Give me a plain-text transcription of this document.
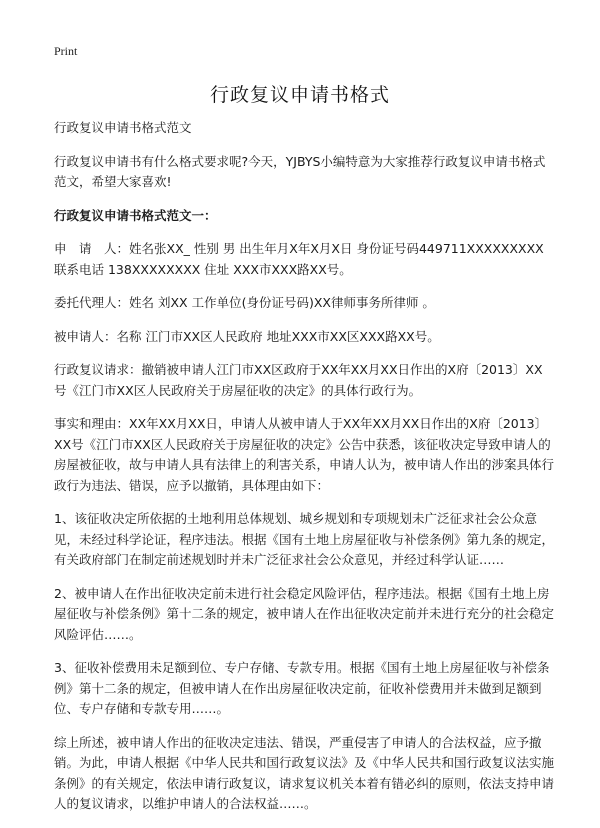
Print
行政复议申请书格式

行政复议申请书格式范文

行政复议申请书有什么格式要求呢?今天，YJBYS小编特意为大家推荐行政复议申请书格式范文，希望大家喜欢!

行政复议申请书格式范文一：

申　请　人：姓名张XX_ 性别 男 出生年月X年X月X日 身份证号码449711XXXXXXXXX 联系电话 138XXXXXXXX 住址 XXX市XXX路XX号。

委托代理人：姓名 刘XX 工作单位(身份证号码)XX律师事务所律师 。

被申请人：名称 江门市XX区人民政府 地址XXX市XX区XXX路XX号。

行政复议请求：撤销被申请人江门市XX区政府于XX年XX月XX日作出的X府〔2013〕XX号《江门市XX区人民政府关于房屋征收的决定》的具体行政行为。

事实和理由：XX年XX月XX日，申请人从被申请人于XX年XX月XX日作出的X府〔2013〕XX号《江门市XX区人民政府关于房屋征收的决定》公告中获悉，该征收决定导致申请人的房屋被征收，故与申请人具有法律上的利害关系，申请人认为，被申请人作出的涉案具体行政行为违法、错误，应予以撤销，具体理由如下：

1、该征收决定所依据的土地利用总体规划、城乡规划和专项规划未广泛征求社会公众意见，未经过科学论证，程序违法。根据《国有土地上房屋征收与补偿条例》第九条的规定，有关政府部门在制定前述规划时并未广泛征求社会公众意见，并经过科学认证……

2、被申请人在作出征收决定前未进行社会稳定风险评估，程序违法。根据《国有土地上房屋征收与补偿条例》第十二条的规定，被申请人在作出征收决定前并未进行充分的社会稳定风险评估……。

3、征收补偿费用未足额到位、专户存储、专款专用。根据《国有土地上房屋征收与补偿条例》第十二条的规定，但被申请人在作出房屋征收决定前，征收补偿费用并未做到足额到位、专户存储和专款专用……。

综上所述，被申请人作出的征收决定违法、错误，严重侵害了申请人的合法权益，应予撤销。为此，申请人根据《中华人民共和国行政复议法》及《中华人民共和国行政复议法实施条例》的有关规定，依法申请行政复议，请求复议机关本着有错必纠的原则，依法支持申请人的复议请求，以维护申请人的合法权益……。
